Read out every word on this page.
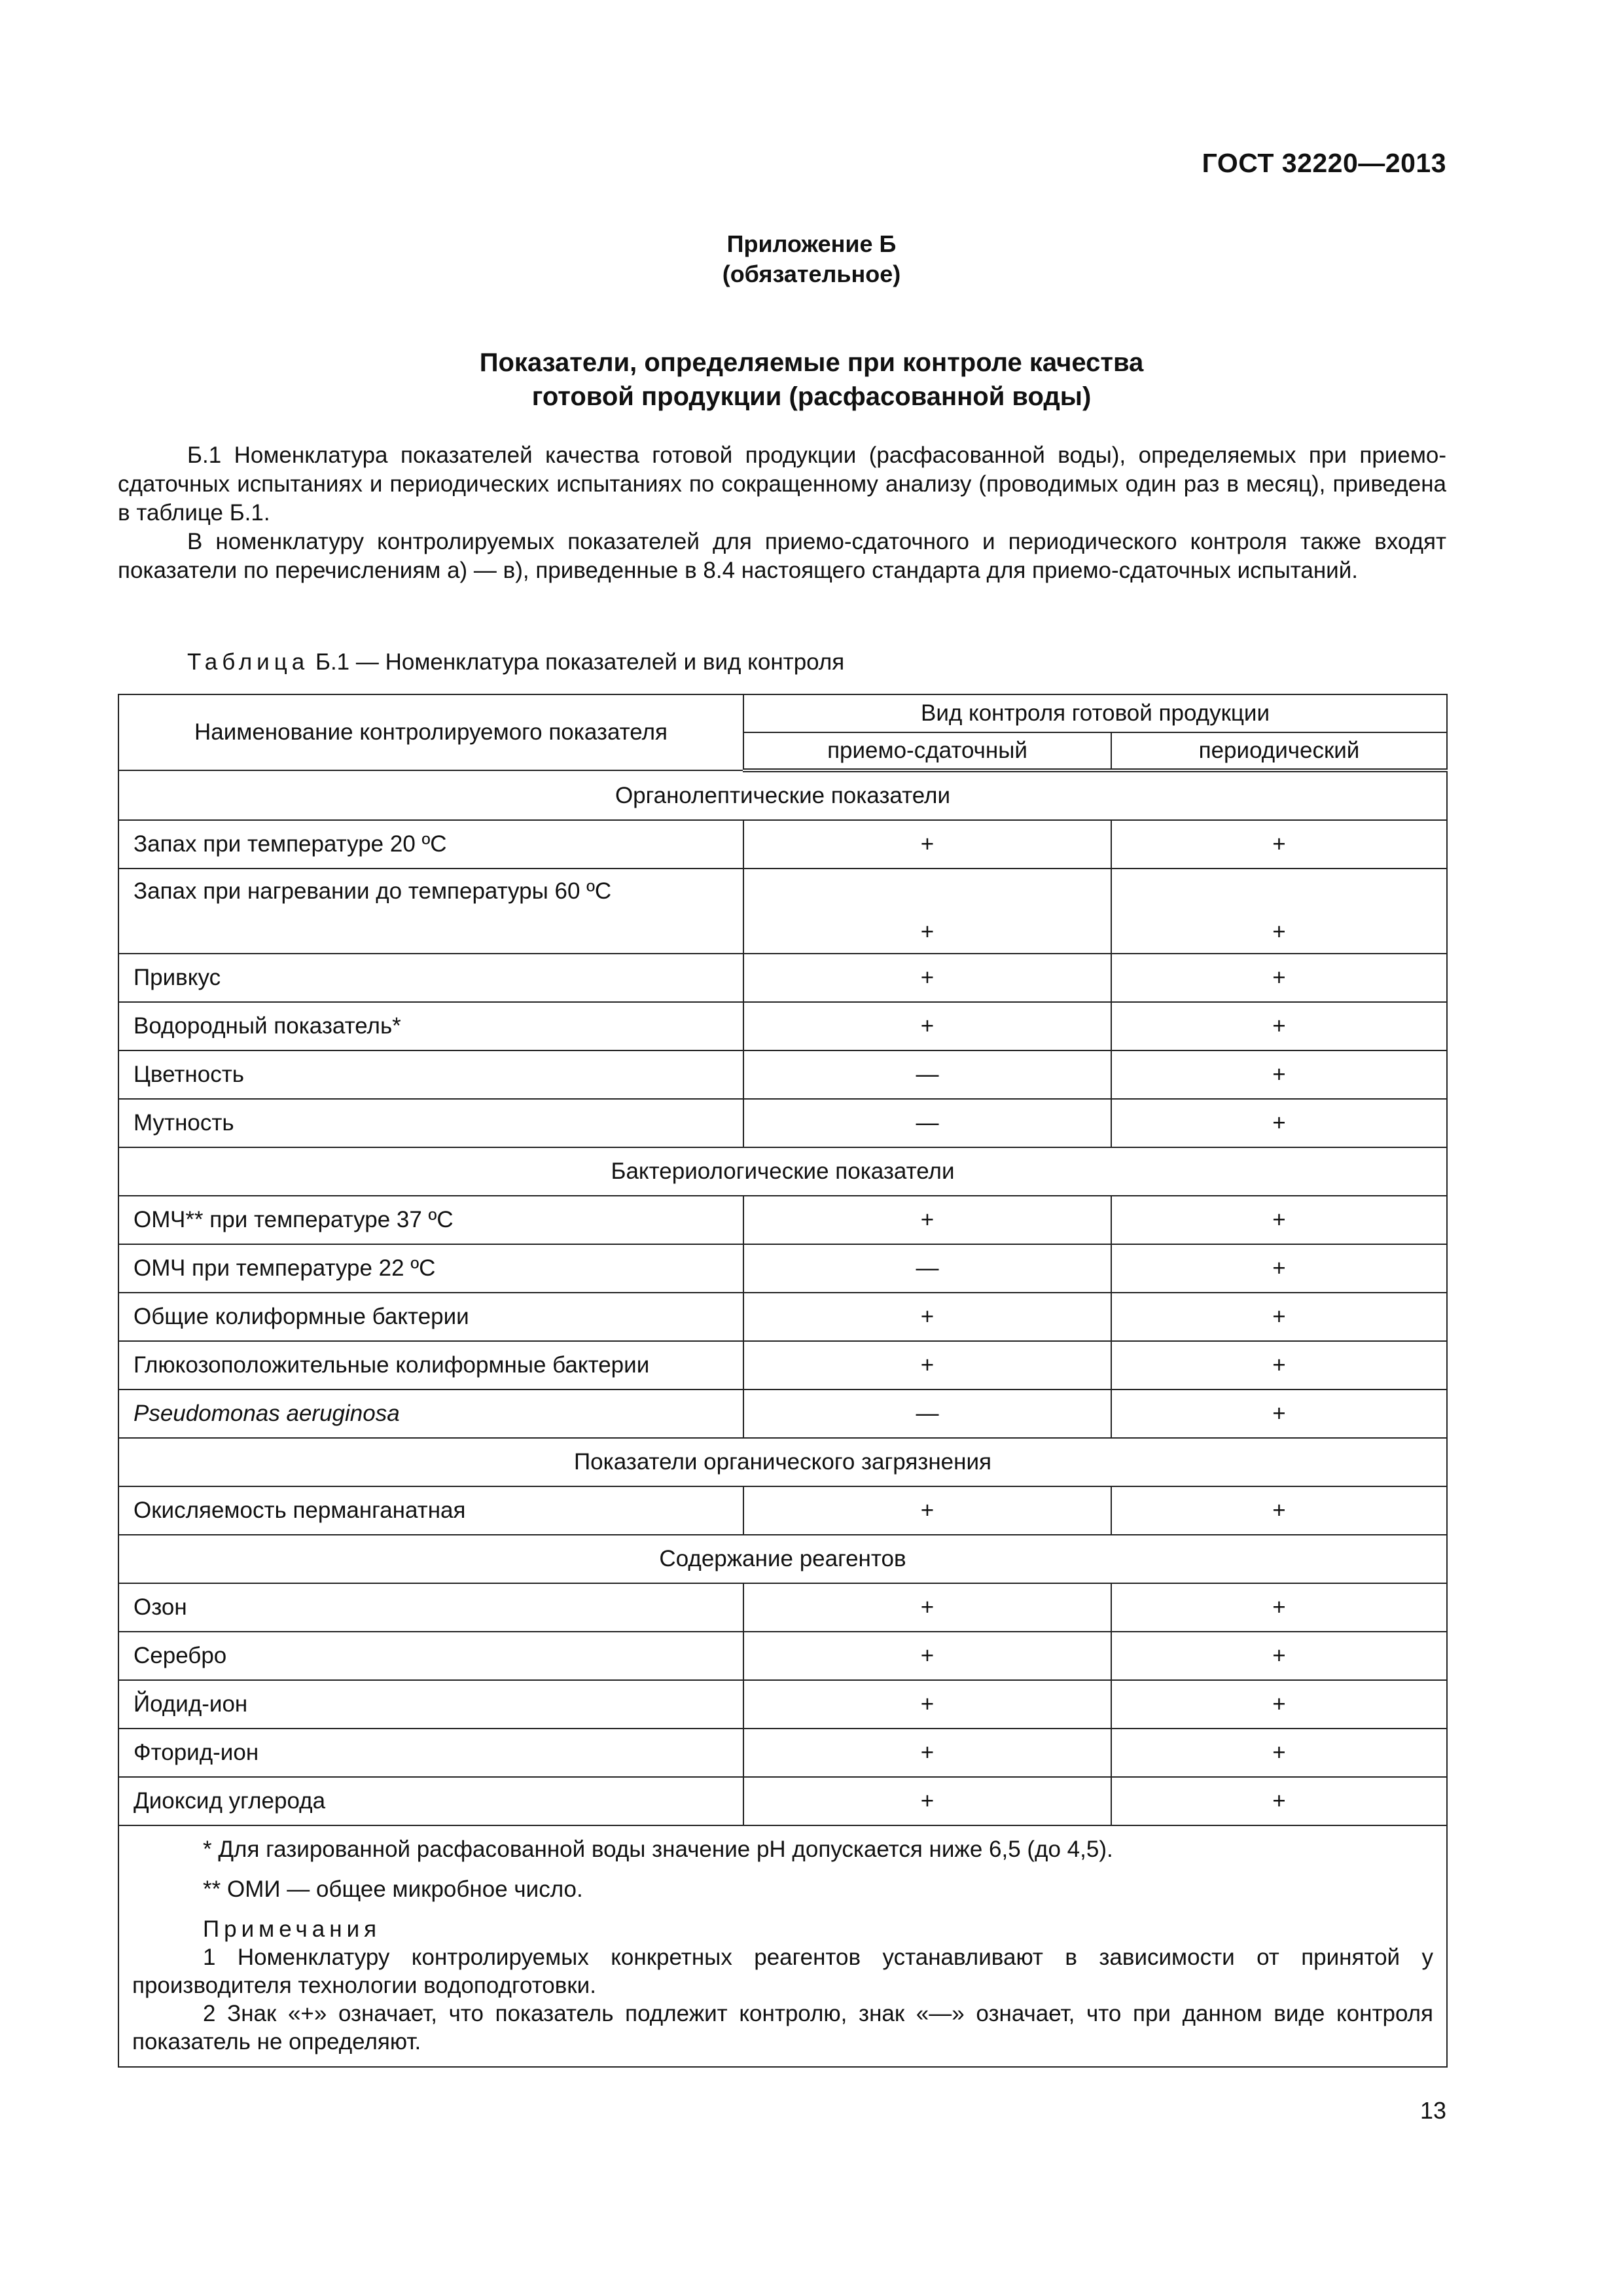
ГОСТ 32220—2013
Приложение Б
(обязательное)
Показатели, определяемые при контроле качества
готовой продукции (расфасованной воды)

Б.1 Номенклатура показателей качества готовой продукции (расфасованной воды), определяемых при приемо-сдаточных испытаниях и периодических испытаниях по сокращенному анализу (проводимых один раз в месяц), приведена в таблице Б.1.

В номенклатуру контролируемых показателей для приемо-сдаточного и периодического контроля также входят показатели по перечислениям а) — в), приведенные в 8.4 настоящего стандарта для приемо-сдаточных испытаний.

Таблица Б.1 — Номенклатура показателей и вид контроля
Наименование контролируемого показателя	Вид контроля готовой продукции	
	приемо-сдаточный	периодический
Органолептические показатели		
Запах при температуре 20 ºС	+	+
Запах при нагревании до температуры 60 ºС	+	+
Привкус	+	+
Водородный показатель*	+	+
Цветность	—	+
Мутность	—	+
Бактериологические показатели		
ОМЧ** при температуре 37 ºС	+	+
ОМЧ при температуре 22 ºС	—	+
Общие колиформные бактерии	+	+
Глюкозоположительные колиформные бактерии	+	+
Pseudomonas aeruginosa	—	+
Показатели органического загрязнения		
Окисляемость перманганатная	+	+
Содержание реагентов		
Озон	+	+
Серебро	+	+
Йодид-ион	+	+
Фторид-ион	+	+
Диоксид углерода	+	+

* Для газированной расфасованной воды значение рН допускается ниже 6,5 (до 4,5).

** ОМИ — общее микробное число.

Примечания

1 Номенклатуру контролируемых конкретных реагентов устанавливают в зависимости от принятой у производителя технологии водоподготовки.

2 Знак «+» означает, что показатель подлежит контролю, знак «—» означает, что при данном виде контроля показатель не определяют.		

13
